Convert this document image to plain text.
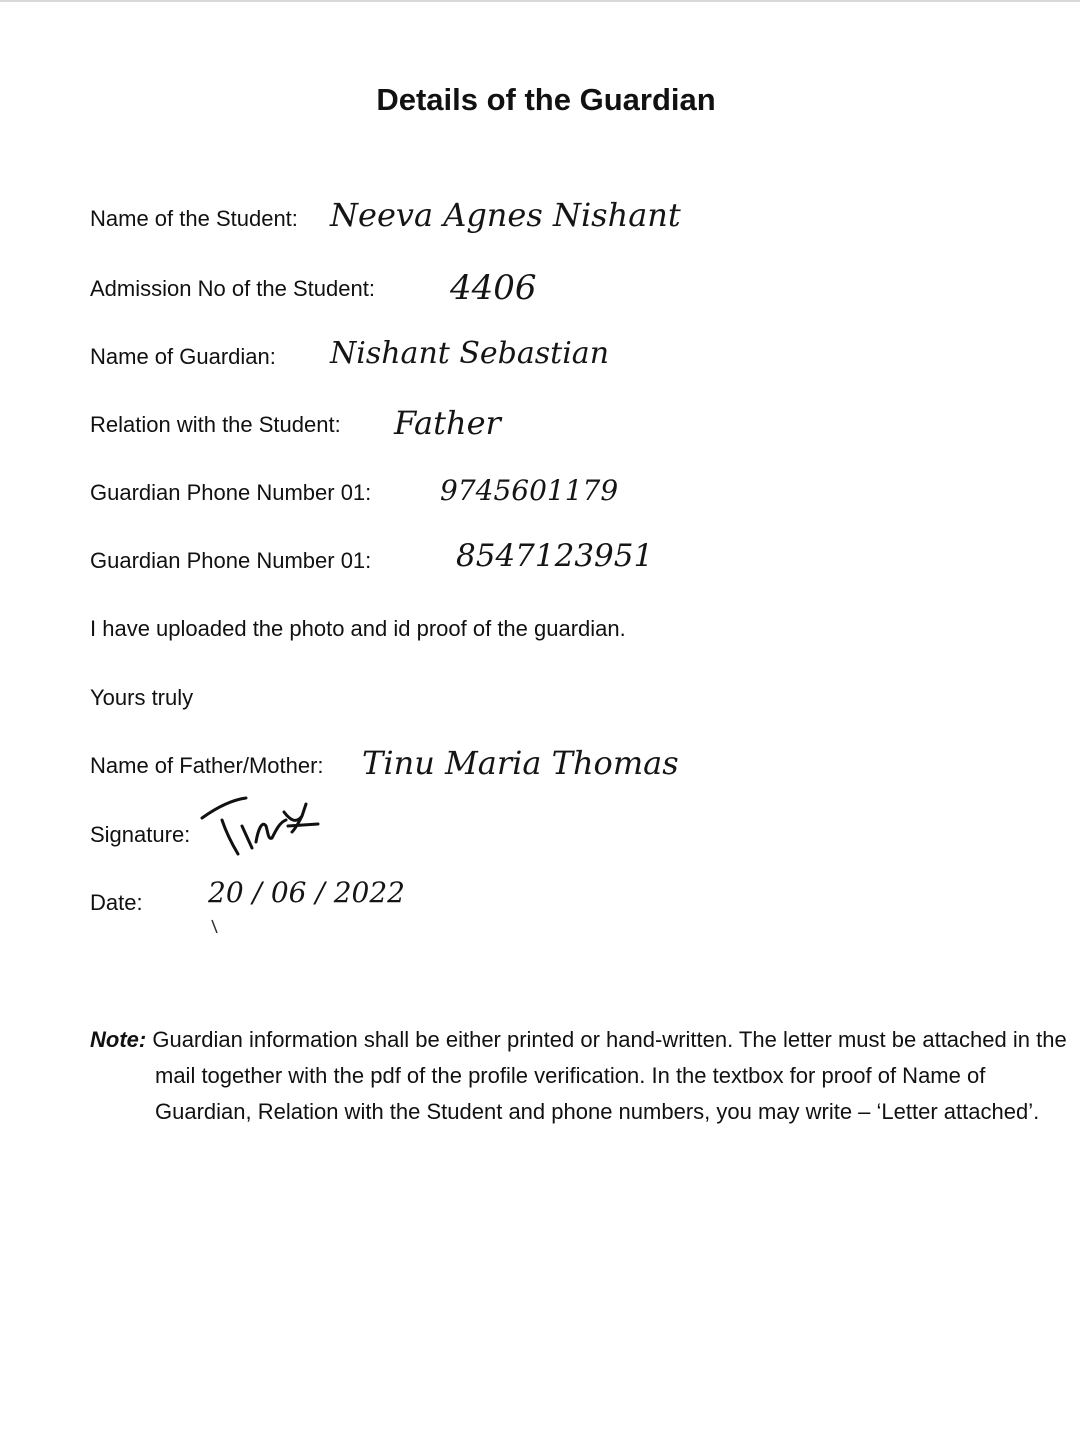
Details of the Guardian
Name of the Student: Neeva Agnes Nishant
Admission No of the Student: 4406
Name of Guardian: Nishant Sebastian
Relation with the Student: Father
Guardian Phone Number 01: 9745601179
Guardian Phone Number 01:	8547123951
I have uploaded the photo and id proof of the guardian.
Yours truly
Name of Father/Mother: Tinu Maria Thomas
Signature:
Date: 20 / 06 / 2022

Note: Guardian information shall be either printed or hand-written. The letter must be attached in the mail together with the pdf of the profile verification. In the textbox for proof of Name of Guardian, Relation with the Student and phone numbers, you may write – ‘Letter attached’.
